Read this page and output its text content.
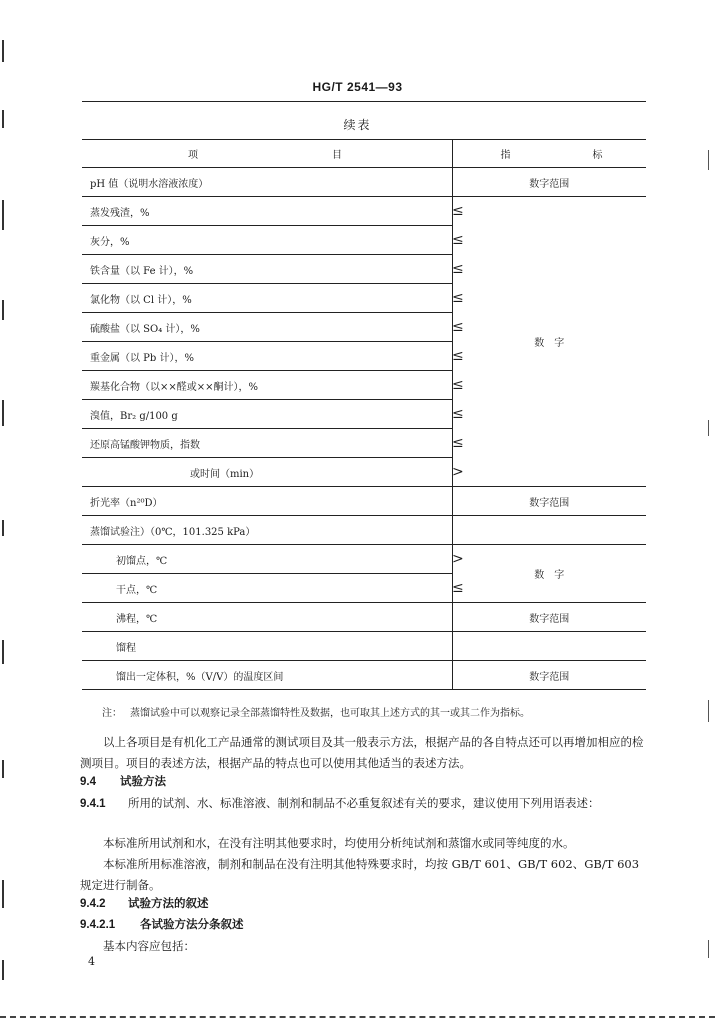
HG/T 2541—93
续表
项 目	指 标

pH 值（说明水溶液浓度）		数字范围
蒸发残渣，%	≤	数　字
灰分，%	≤
铁含量（以 Fe 计），%	≤
氯化物（以 Cl 计），%	≤
硫酸盐（以 SO₄ 计），%	≤
重金属（以 Pb 计），%	≤
羰基化合物（以××醛或××酮计），%	≤
溴值，Br₂ g/100 g	≤
还原高锰酸钾物质，指数	≤
或时间（min）	>
折光率（n²⁰D）		数字范围
蒸馏试验注）（0℃，101.325 kPa）		
初馏点，℃	>	数　字
干点，℃	≤
沸程，℃		数字范围
馏程		
馏出一定体积，%（V/V）的温度区间		数字范围
注： 蒸馏试验中可以观察记录全部蒸馏特性及数据，也可取其上述方式的其一或其二作为指标。
以上各项目是有机化工产品通常的测试项目及其一般表示方法，根据产品的各自特点还可以再增加相应的检测项目。项目的表述方法，根据产品的特点也可以使用其他适当的表述方法。
9.4 试验方法
9.4.1 所用的试剂、水、标准溶液、制剂和制品不必重复叙述有关的要求，建议使用下列用语表述：
本标准所用试剂和水，在没有注明其他要求时，均使用分析纯试剂和蒸馏水或同等纯度的水。
本标准所用标准溶液，制剂和制品在没有注明其他特殊要求时，均按 GB/T 601、GB/T 602、GB/T 603 规定进行制备。
9.4.2 试验方法的叙述
9.4.2.1 各试验方法分条叙述
基本内容应包括：
4
